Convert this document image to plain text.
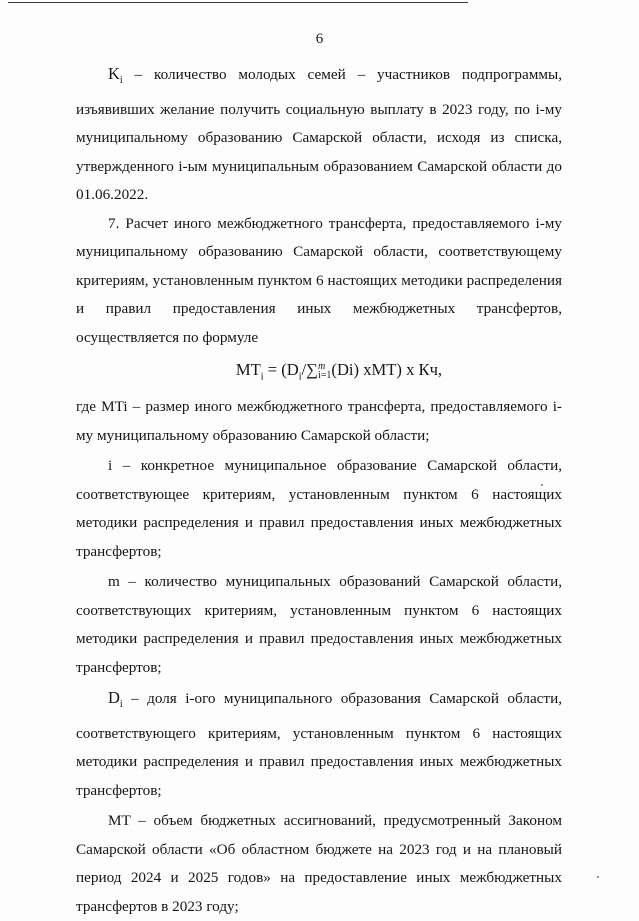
6

$K_i$ – количество молодых семей – участников подпрограммы, изъявивших желание получить социальную выплату в 2023 году, по i-му муниципальному образованию Самарской области, исходя из списка, утвержденного i-ым муниципальным образованием Самарской области до 01.06.2022.

7. Расчет иного межбюджетного трансферта, предоставляемого i-му муниципальному образованию Самарской области, соответствующему критериям, установленным пунктом 6 настоящих методики распределения и правил предоставления иных межбюджетных трансфертов, осуществляется по формуле

$MT_i = (D_i/\sum m$
i=1(Di) хMT) х Кч,

где MTi – размер иного межбюджетного трансферта, предоставляемого i-му муниципальному образованию Самарской области;

i – конкретное муниципальное образование Самарской области, соответствующее критериям, установленным пунктом 6 настоящих методики распределения и правил предоставления иных межбюджетных трансфертов;

m – количество муниципальных образований Самарской области, соответствующих критериям, установленным пунктом 6 настоящих методики распределения и правил предоставления иных межбюджетных трансфертов;

$D_i$ – доля i-ого муниципального образования Самарской области, соответствующего критериям, установленным пунктом 6 настоящих методики распределения и правил предоставления иных межбюджетных трансфертов;

MT – объем бюджетных ассигнований, предусмотренный Законом Самарской области «Об областном бюджете на 2023 год и на плановый период 2024 и 2025 годов» на предоставление иных межбюджетных трансфертов в 2023 году;
